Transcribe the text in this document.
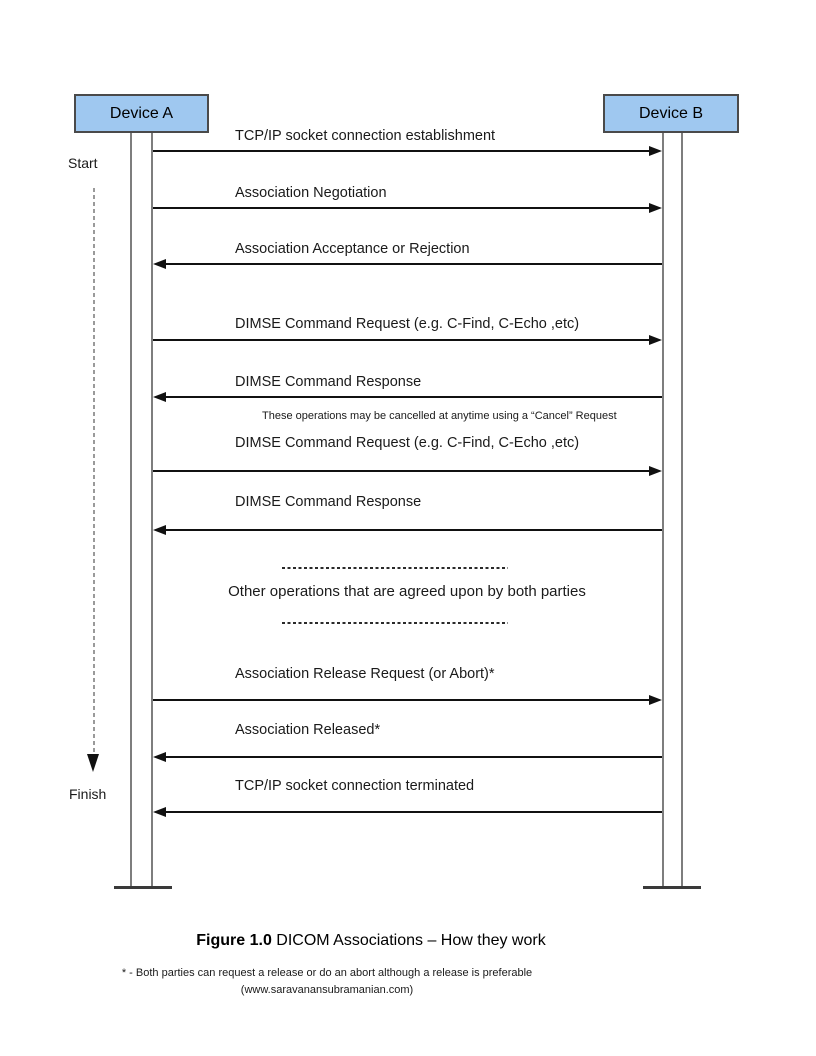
Device A	Device B
Start
Finish
TCP/IP socket connection establishment
Association Negotiation
Association Acceptance or Rejection
DIMSE Command Request (e.g. C-Find, C-Echo ,etc)
DIMSE Command Response
These operations may be cancelled at anytime using a “Cancel” Request
DIMSE Command Request (e.g. C-Find, C-Echo ,etc)
DIMSE Command Response
Other operations that are agreed upon by both parties
Association Release Request (or Abort)*
Association Released*
TCP/IP socket connection terminated
Figure 1.0 DICOM Associations – How they work
* - Both parties can request a release or do an abort although a release is preferable
(www.saravanansubramanian.com)
